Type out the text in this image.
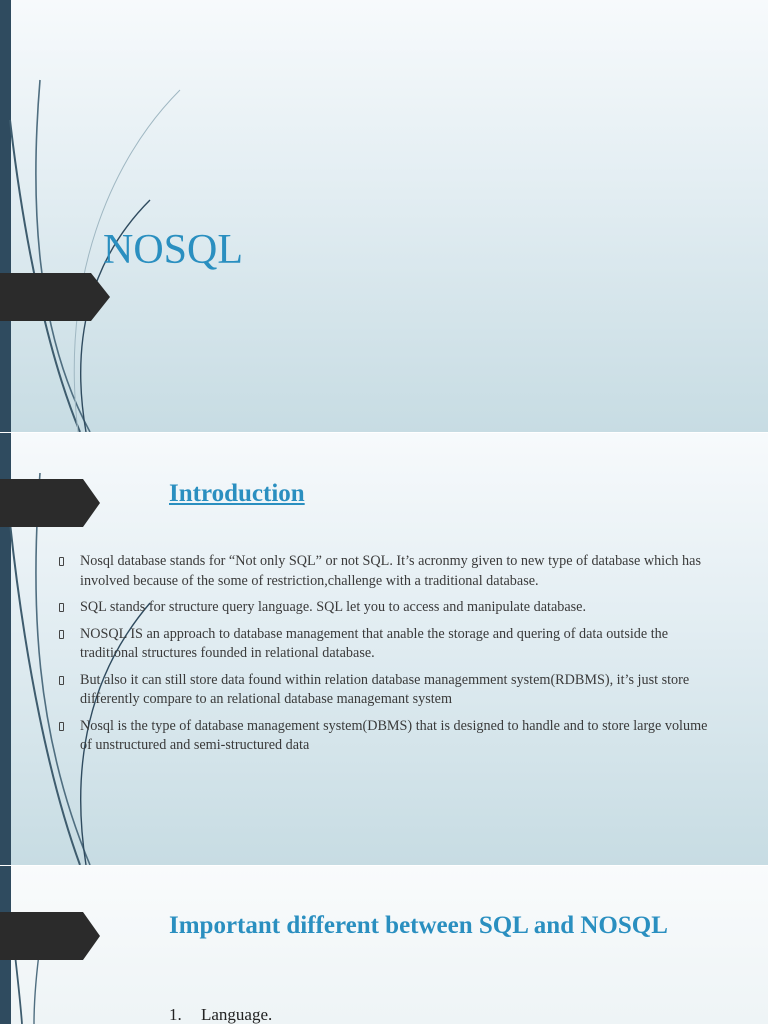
NOSQL
Introduction
Nosql database stands for “Not only SQL” or not SQL. It’s acronmy given to new type of database which has involved because of the some of restriction,challenge with a traditional database.
SQL stands for structure query language. SQL let you to access and manipulate database.
NOSQL IS an approach to database management that anable the storage and quering of data outside the traditional structures founded in relational database.
But also it can still store data found within relation database managemment system(RDBMS), it’s just store differently compare to an relational database managemant system
Nosql is the type of database management system(DBMS) that is designed to handle and to store large volume of unstructured and semi-structured data
Important different between SQL and NOSQL
1. Language.
